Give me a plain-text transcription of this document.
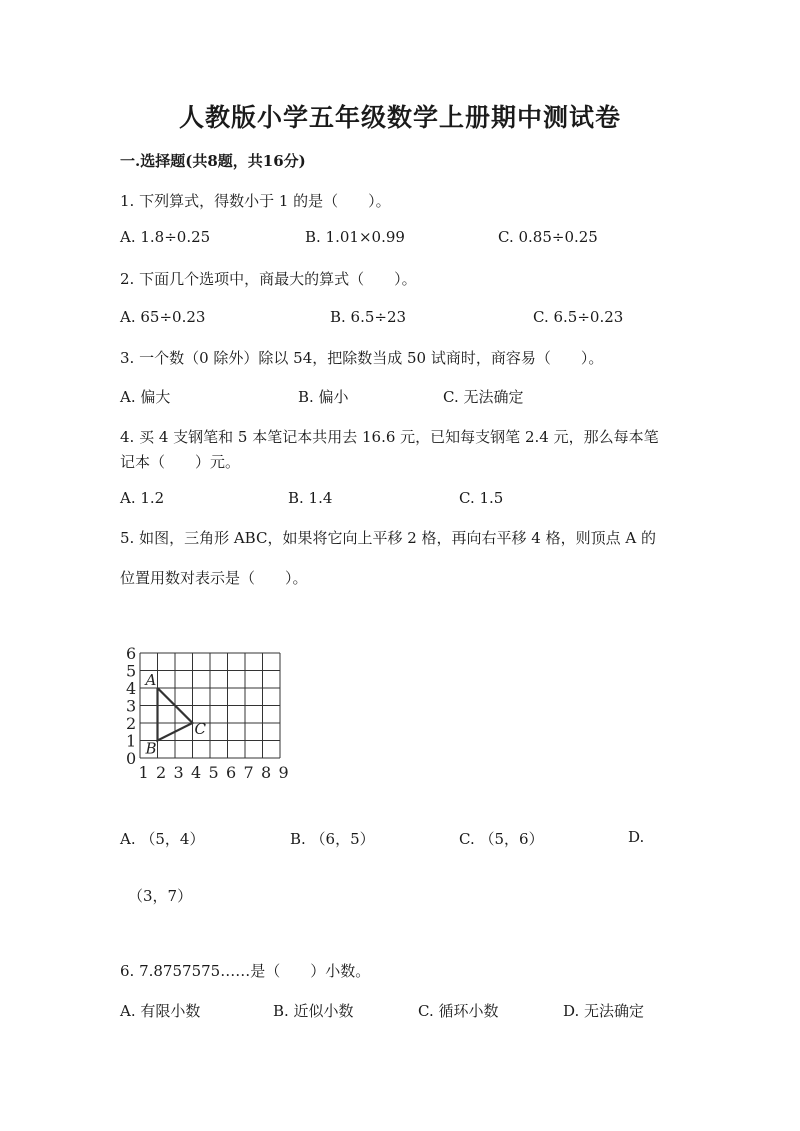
人教版小学五年级数学上册期中测试卷
一.选择题(共8题，共16分)
1. 下列算式，得数小于 1 的是（　　）。
A. 1.8÷0.25	B. 1.01×0.99	C. 0.85÷0.25
2. 下面几个选项中，商最大的算式（　　）。
A. 65÷0.23	B. 6.5÷23	C. 6.5÷0.23
3. 一个数（0 除外）除以 54，把除数当成 50 试商时，商容易（　　）。
A. 偏大	B. 偏小	C. 无法确定
4. 买 4 支钢笔和 5 本笔记本共用去 16.6 元，已知每支钢笔 2.4 元，那么每本笔
记本（　　）元。
A. 1.2	B. 1.4	C. 1.5
5. 如图，三角形 ABC，如果将它向上平移 2 格，再向右平移 4 格，则顶点 A 的
位置用数对表示是（　　）。
0
1
2
3
4
5
6
1 2 3 4 5 6 7 8 9
A
B
C
A. （5，4）	B. （6，5）	C. （5，6）	D.
（3，7）
6. 7.8757575……是（　　）小数。
A. 有限小数	B. 近似小数	C. 循环小数	D. 无法确定
